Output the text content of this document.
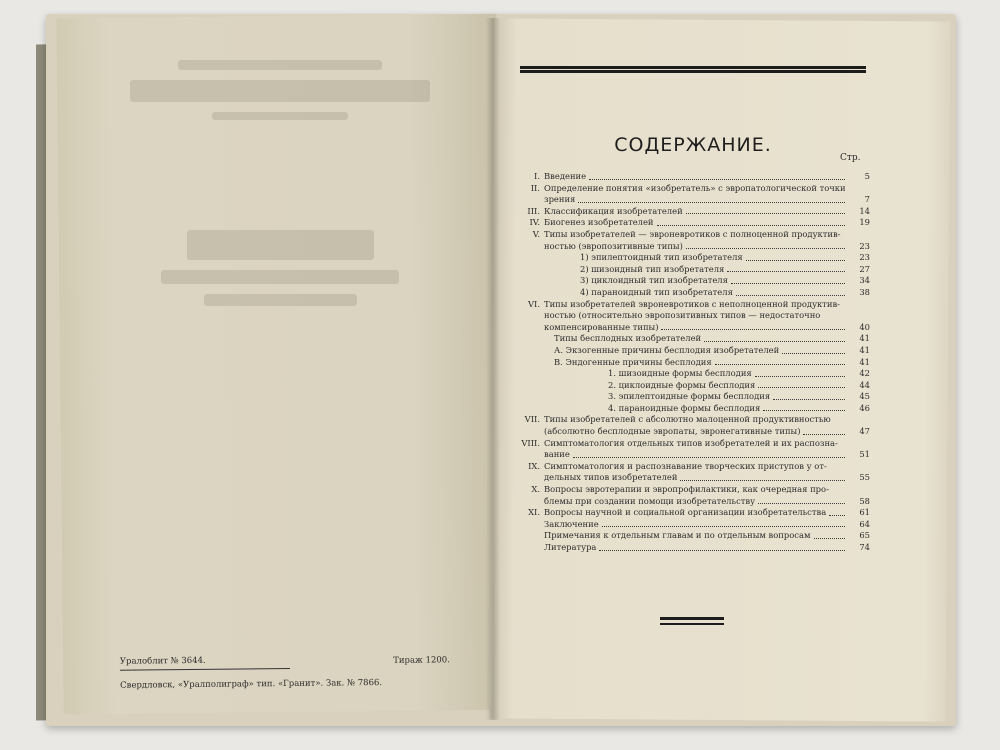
СОДЕРЖАНИЕ.
Стр.
I. Введение	5
II. Определение понятия «изобретатель» с эвропатологической точки
зрения	7
III. Классификация изобретателей	14
IV. Биогенез изобретателей	19
V. Типы изобретателей — эвроневротиков с полноценной продуктив-
ностью (эвропозитивные типы)	23
1) эпилептоидный тип изобретателя	23
2) шизоидный тип изобретателя	27
3) циклоидный тип изобретателя	34
4) параноидный тип изобретателя	38
VI. Типы изобретателей эвроневротиков с неполноценной продуктив-
ностью (относительно эвропозитивных типов — недостаточно
компенсированные типы)	40
Типы бесплодных изобретателей	41
А. Экзогенные причины бесплодия изобретателей	41
В. Эндогенные причины бесплодия	41
1. шизоидные формы бесплодия	42
2. циклоидные формы бесплодия	44
3. эпилептоидные формы бесплодия	45
4. параноидные формы бесплодия	46
VII. Типы изобретателей с абсолютно малоценной продуктивностью
(абсолютно бесплодные эвропаты, эвронегативные типы)	47
VIII. Симптоматология отдельных типов изобретателей и их распозна-
вание	51
IX. Симптоматология и распознавание творческих приступов у от-
дельных типов изобретателей	55
X. Вопросы эвротерапии и эвропрофилактики, как очередная про-
блемы при создании помощи изобретательству	58
XI. Вопросы научной и социальной организации изобретательства	61
Заключение	64
Примечания к отдельным главам и по отдельным вопросам	65
Литература	74
Уралоблит № 3644.	Тираж 1200.
Свердловск, «Уралполиграф» тип. «Гранит». Зак. № 7866.
